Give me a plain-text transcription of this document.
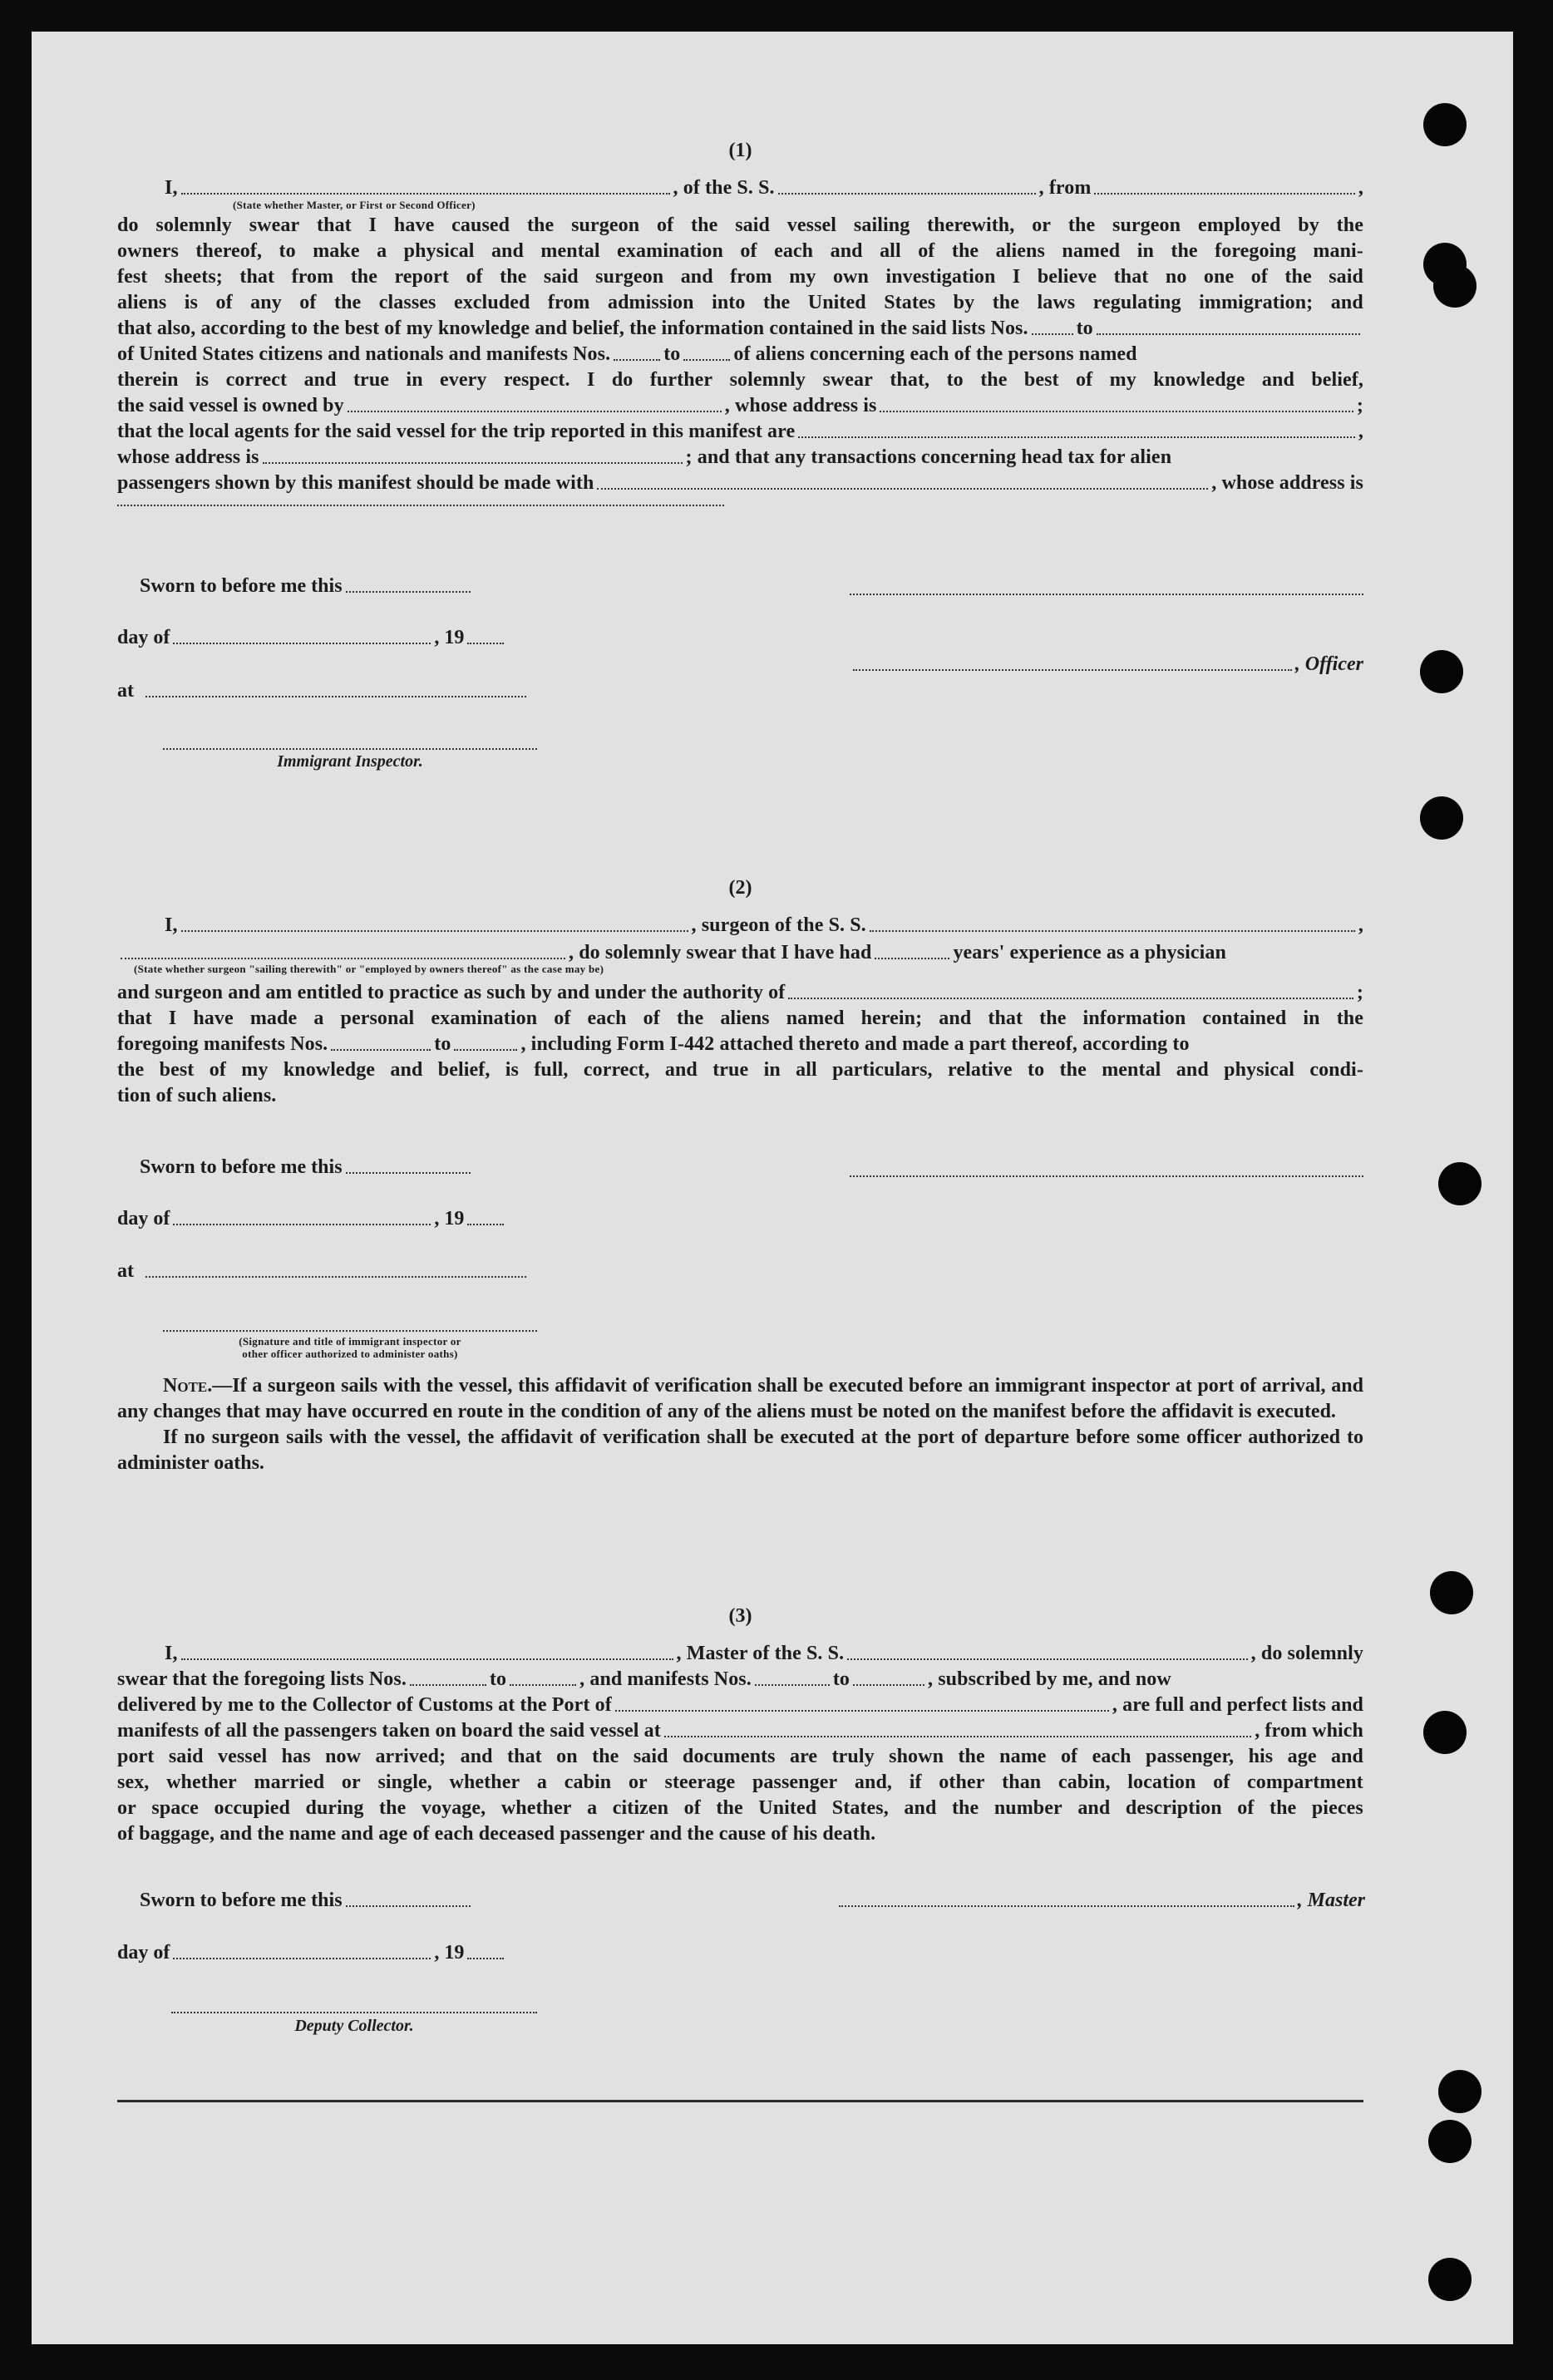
(1)
I,	, of the S. S.	, from	,
(State whether Master, or First or Second Officer)
do solemnly swear that I have caused the surgeon of the said vessel sailing therewith, or the surgeon employed by the
owners thereof, to make a physical and mental examination of each and all of the aliens named in the foregoing mani-
fest sheets; that from the report of the said surgeon and from my own investigation I believe that no one of the said
aliens is of any of the classes excluded from admission into the United States by the laws regulating immigration; and
that also, according to the best of my knowledge and belief, the information contained in the said lists Nos. to
of United States citizens and nationals and manifests Nos.	to	of aliens concerning each of the persons named
therein is correct and true in every respect. I do further solemnly swear that, to the best of my knowledge and belief,
the said vessel is owned by	, whose address is	;
that the local agents for the said vessel for the trip reported in this manifest are	,
whose address is	; and that any transactions concerning head tax for alien
passengers shown by this manifest should be made with	, whose address is
Sworn to before me this
day of	, 19
, Officer
at
Immigrant Inspector.
(2)
I,	, surgeon of the S. S.	,
, do solemnly swear that I have had	years' experience as a physician
(State whether surgeon "sailing therewith" or "employed by owners thereof" as the case may be)
and surgeon and am entitled to practice as such by and under the authority of	;
that I have made a personal examination of each of the aliens named herein; and that the information contained in the
foregoing manifests Nos.	to	, including Form I-442 attached thereto and made a part thereof, according to
the best of my knowledge and belief, is full, correct, and true in all particulars, relative to the mental and physical condi-
tion of such aliens.
Sworn to before me this
day of	, 19
at
(Signature and title of immigrant inspector or
other officer authorized to administer oaths)

Note.—If a surgeon sails with the vessel, this affidavit of verification shall be executed before an immigrant inspector at port of arrival, and any changes that may have occurred en route in the condition of any of the aliens must be noted on the manifest before the affidavit is executed.

If no surgeon sails with the vessel, the affidavit of verification shall be executed at the port of departure before some officer authorized to administer oaths.

(3)
I,	, Master of the S. S.	, do solemnly
swear that the foregoing lists Nos.	to	, and manifests Nos.	to	, subscribed by me, and now
delivered by me to the Collector of Customs at the Port of	, are full and perfect lists and
manifests of all the passengers taken on board the said vessel at	, from which
port said vessel has now arrived; and that on the said documents are truly shown the name of each passenger, his age and
sex, whether married or single, whether a cabin or steerage passenger and, if other than cabin, location of compartment
or space occupied during the voyage, whether a citizen of the United States, and the number and description of the pieces
of baggage, and the name and age of each deceased passenger and the cause of his death.
Sworn to before me this	, Master
day of	, 19
Deputy Collector.
